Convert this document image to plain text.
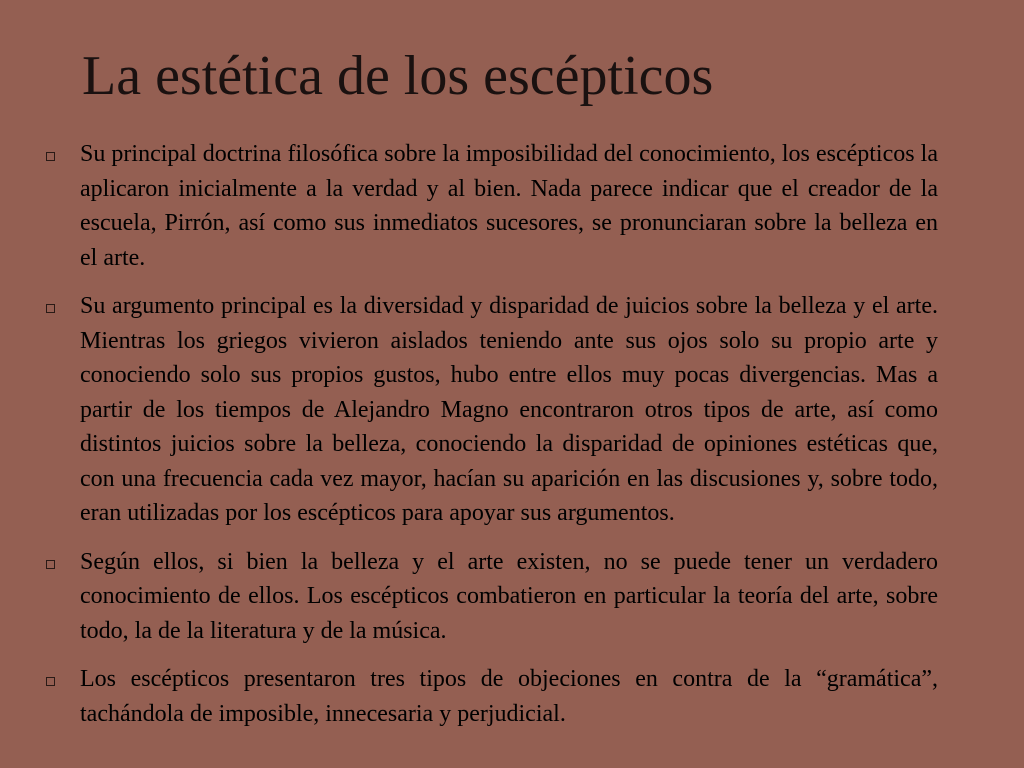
La estética de los escépticos
Su principal doctrina filosófica sobre la imposibilidad del conocimiento, los escépticos la aplicaron inicialmente a la verdad y al bien. Nada parece indicar que el creador de la escuela, Pirrón, así como sus inmediatos sucesores, se pronunciaran sobre la belleza en el arte.
Su argumento principal es la diversidad y disparidad de juicios sobre la belleza y el arte. Mientras los griegos vivieron aislados teniendo ante sus ojos solo su propio arte y conociendo solo sus propios gustos, hubo entre ellos muy pocas divergencias. Mas a partir de los tiempos de Alejandro Magno encontraron otros tipos de arte, así como distintos juicios sobre la belleza, conociendo la disparidad de opiniones estéticas que, con una frecuencia cada vez mayor, hacían su aparición en las discusiones y, sobre todo, eran utilizadas por los escépticos para apoyar sus argumentos.
Según ellos, si bien la belleza y el arte existen, no se puede tener un verdadero conocimiento de ellos. Los escépticos combatieron en particular la teoría del arte, sobre todo, la de la literatura y de la música.
Los escépticos presentaron tres tipos de objeciones en contra de la “gramática”, tachándola de imposible, innecesaria y perjudicial.
